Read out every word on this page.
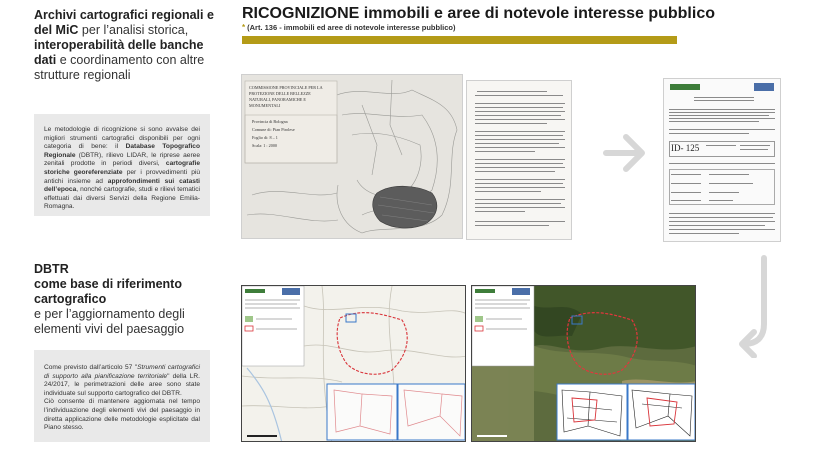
Archivi cartografici regionali e del MiC per l’analisi storica, interoperabilità delle banche dati e coordinamento con altre strutture regionali
Le metodologie di ricognizione si sono avvalse dei migliori strumenti cartografici disponibili per ogni categoria di bene: il Database Topografico Regionale (DBTR), rilievo LIDAR, le riprese aeree zenitali prodotte in periodi diversi, cartografie storiche georeferenziate per i provvedimenti più antichi insieme ad approfondimenti sui catasti dell’epoca, nonché cartografie, studi e rilievi tematici effettuati dai diversi Servizi della Regione Emilia- Romagna.
DBTR
come base di riferimento cartografico
e per l’aggiornamento degli elementi vivi del paesaggio
Come previsto dall’articolo 57 "Strumenti cartografici di supporto alla pianificazione territoriale" della LR. 24/2017, le perimetrazioni delle aree sono state individuate sul supporto cartografico del DBTR.
Ciò consente di mantenere aggiornata nel tempo l’individuazione degli elementi vivi del paesaggio in diretta applicazione delle metodologie esplicitate dal Piano stesso.
RICOGNIZIONE immobili e aree di notevole interesse pubblico
* (Art. 136 - immobili ed aree di notevole interesse pubblico)
COMMISSIONE PROVINCIALE PER LA
PROTEZIONE DELLE BELLEZZE
NATURALI, PANORAMICHE E
MONUMENTALI
Provincia di Bologna
Comune di: Pian Pirolese
Foglio di: 8 – 1
Scala: 1 : 2000	ID- 125
